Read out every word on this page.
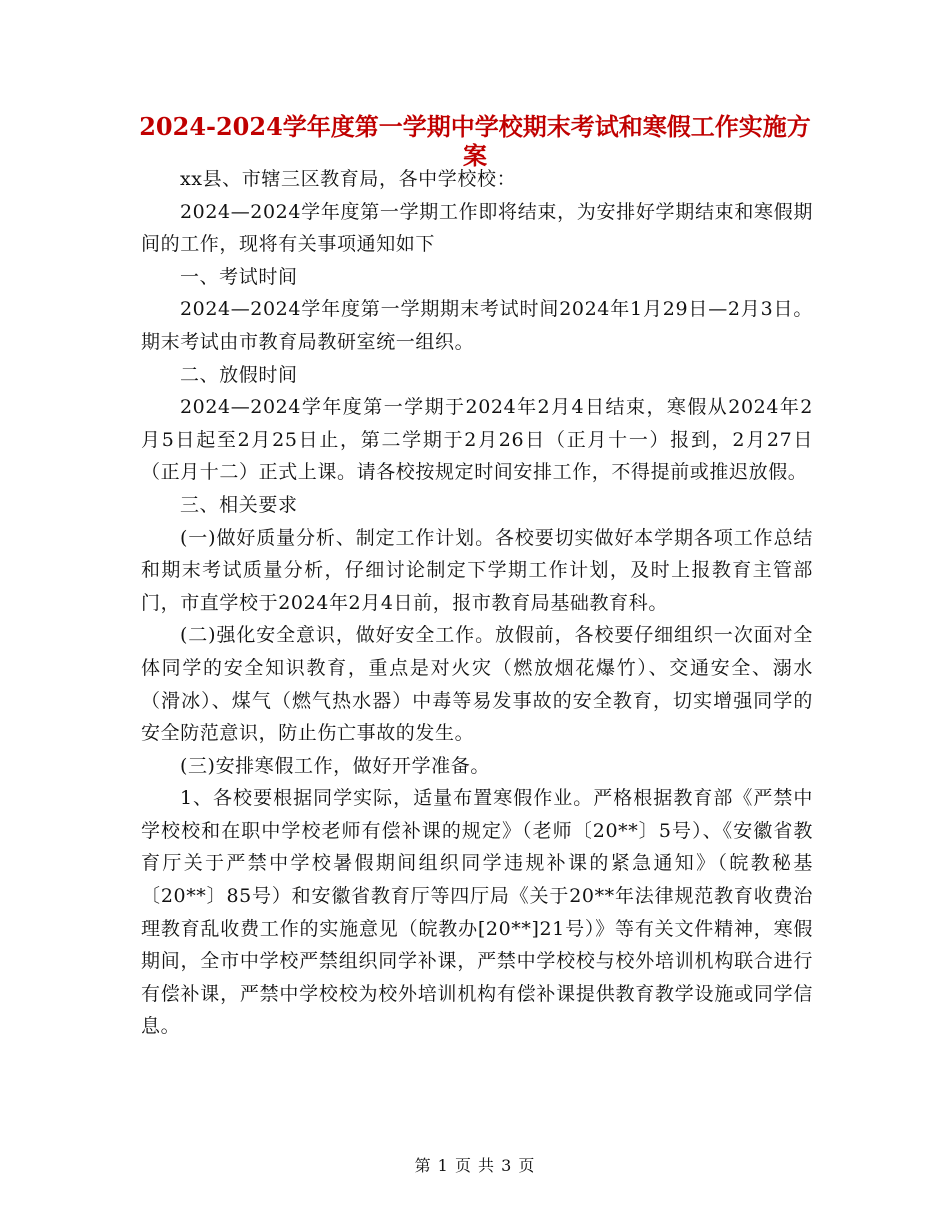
2024-2024学年度第一学期中学校期末考试和寒假工作实施方案

xx县、市辖三区教育局，各中学校校：

2024—2024学年度第一学期工作即将结束，为安排好学期结束和寒假期间的工作，现将有关事项通知如下

一、考试时间

2024—2024学年度第一学期期末考试时间2024年1月29日—2月3日。期末考试由市教育局教研室统一组织。

二、放假时间

2024—2024学年度第一学期于2024年2月4日结束，寒假从2024年2月5日起至2月25日止，第二学期于2月26日（正月十一）报到，2月27日（正月十二）正式上课。请各校按规定时间安排工作，不得提前或推迟放假。

三、相关要求

(一)做好质量分析、制定工作计划。各校要切实做好本学期各项工作总结和期末考试质量分析，仔细讨论制定下学期工作计划，及时上报教育主管部门，市直学校于2024年2月4日前，报市教育局基础教育科。

(二)强化安全意识，做好安全工作。放假前，各校要仔细组织一次面对全体同学的安全知识教育，重点是对火灾（燃放烟花爆竹）、交通安全、溺水（滑冰）、煤气（燃气热水器）中毒等易发事故的安全教育，切实增强同学的安全防范意识，防止伤亡事故的发生。

(三)安排寒假工作，做好开学准备。

1、各校要根据同学实际，适量布置寒假作业。严格根据教育部《严禁中学校校和在职中学校老师有偿补课的规定》（老师〔20**〕5号）、《安徽省教育厅关于严禁中学校暑假期间组织同学违规补课的紧急通知》（皖教秘基〔20**〕85号）和安徽省教育厅等四厅局《关于20**年法律规范教育收费治理教育乱收费工作的实施意见（皖教办[20**]21号）》等有关文件精神，寒假期间，全市中学校严禁组织同学补课，严禁中学校校与校外培训机构联合进行有偿补课，严禁中学校校为校外培训机构有偿补课提供教育教学设施或同学信息。

第 1 页 共 3 页
